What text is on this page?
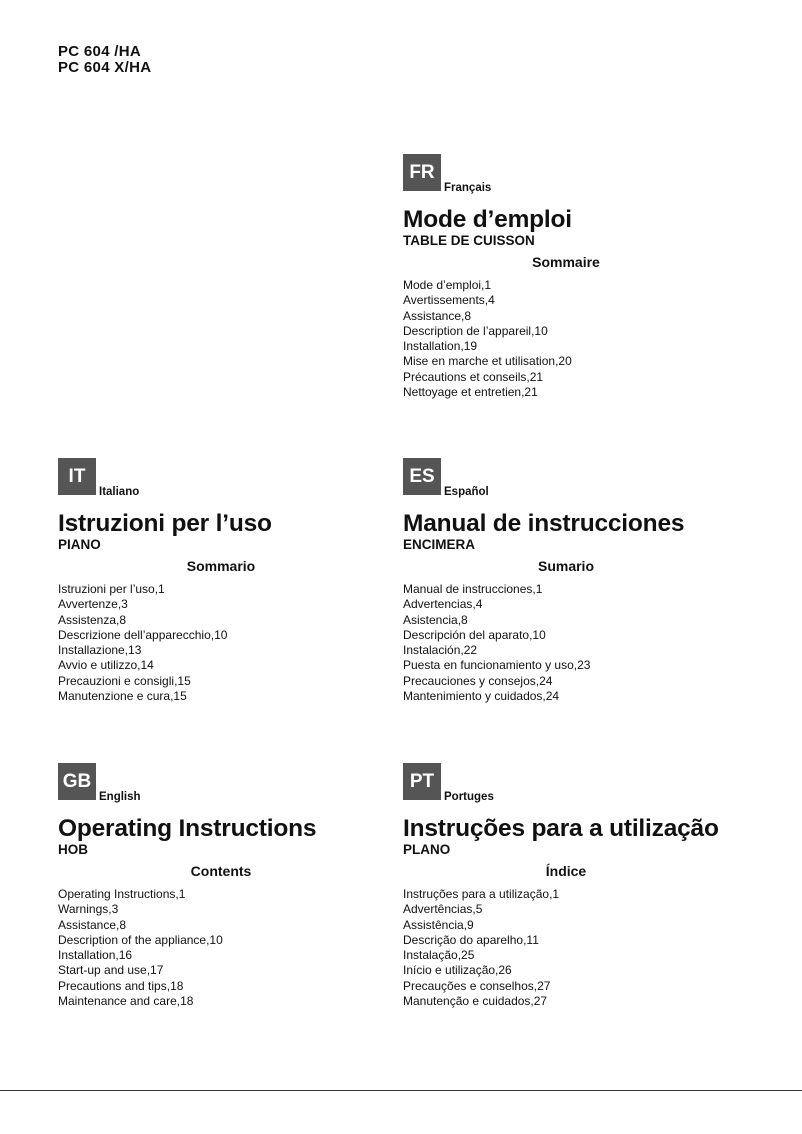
PC 604 /HA
PC 604 X/HA
FR
Français
Mode d’emploi
TABLE DE CUISSON
Sommaire
Mode d’emploi,1
Avertissements,4
Assistance,8
Description de l’appareil,10
Installation,19
Mise en marche et utilisation,20
Précautions et conseils,21
Nettoyage et entretien,21
IT
Italiano
Istruzioni per l’uso
PIANO
Sommario
Istruzioni per l’uso,1
Avvertenze,3
Assistenza,8
Descrizione dell’apparecchio,10
Installazione,13
Avvio e utilizzo,14
Precauzioni e consigli,15
Manutenzione e cura,15
ES
Español
Manual de instrucciones
ENCIMERA
Sumario
Manual de instrucciones,1
Advertencias,4
Asistencia,8
Descripción del aparato,10
Instalación,22
Puesta en funcionamiento y uso,23
Precauciones y consejos,24
Mantenimiento y cuidados,24
GB
English
Operating Instructions
HOB
Contents
Operating Instructions,1
Warnings,3
Assistance,8
Description of the appliance,10
Installation,16
Start-up and use,17
Precautions and tips,18
Maintenance and care,18
PT
Portuges
Instruções para a utilização
PLANO
Índice
Instruções para a utilização,1
Advertências,5
Assistência,9
Descrição do aparelho,11
Instalação,25
Início e utilização,26
Precauções e conselhos,27
Manutenção e cuidados,27
